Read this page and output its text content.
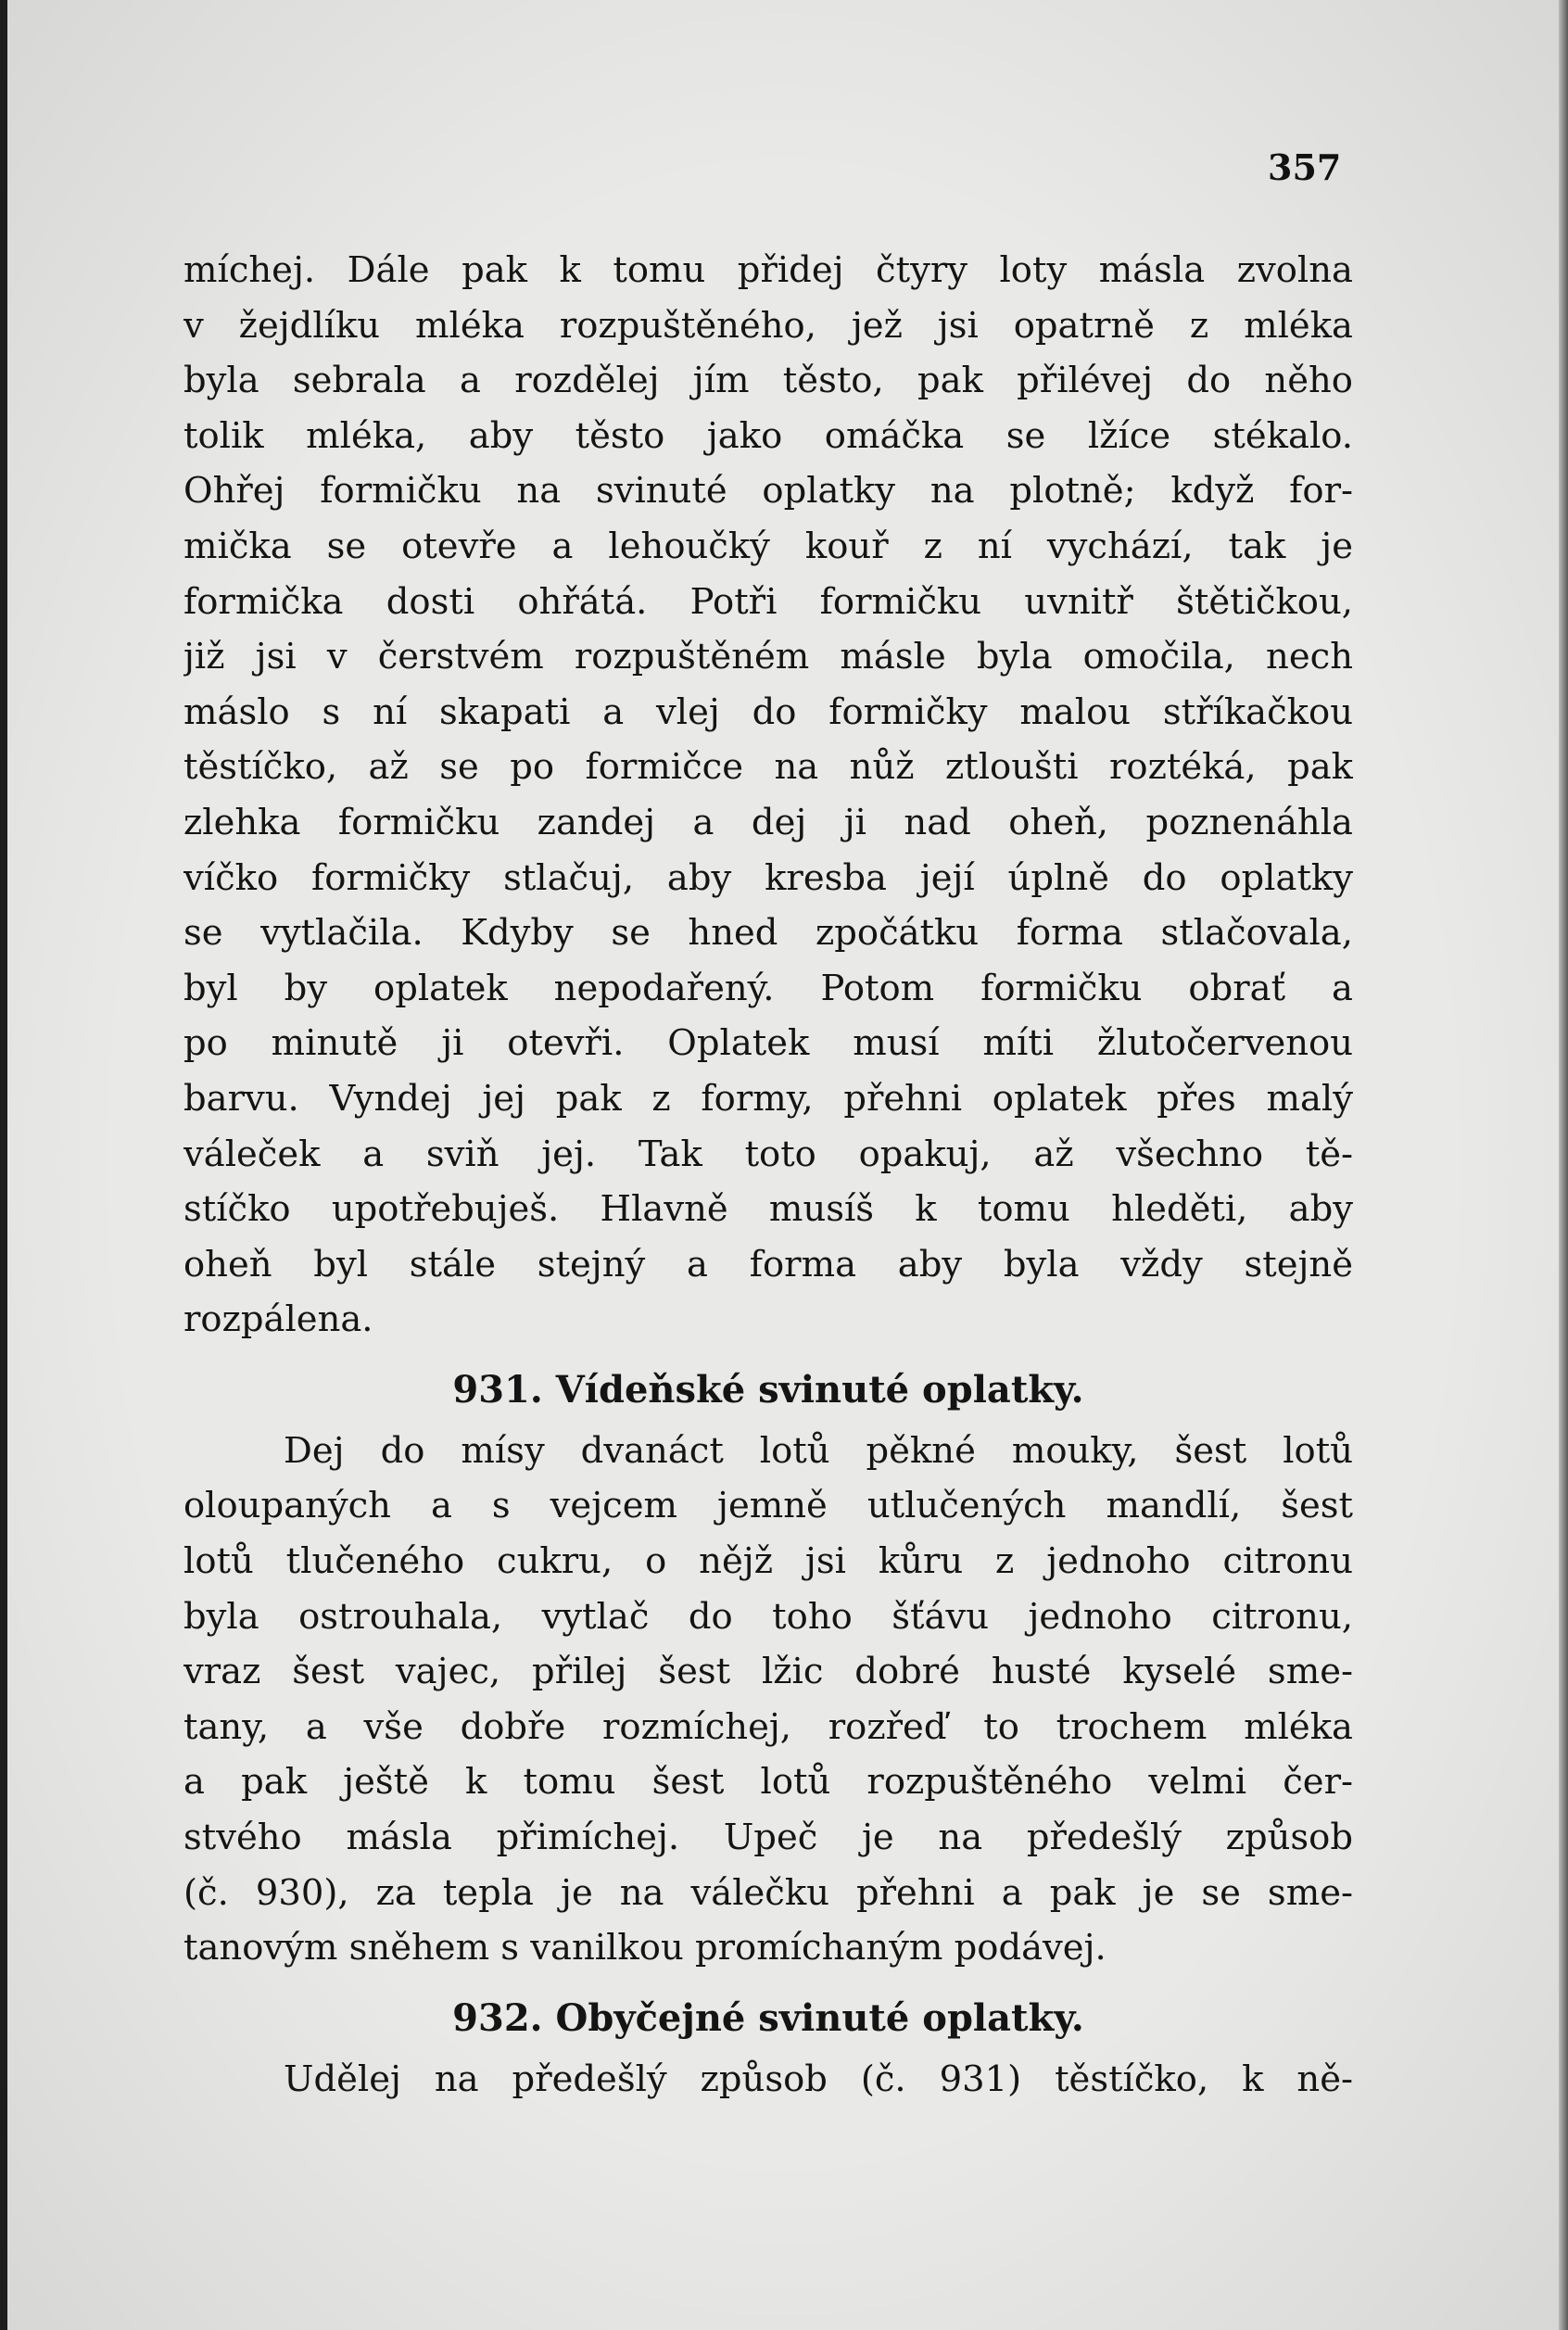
357
míchej. Dále pak k tomu přidej čtyry loty másla zvolna
v žejdlíku mléka rozpuštěného, jež jsi opatrně z mléka
byla sebrala a rozdělej jím těsto, pak přilévej do něho
tolik mléka, aby těsto jako omáčka se lžíce stékalo.
Ohřej formičku na svinuté oplatky na plotně; když for-
mička se otevře a lehoučký kouř z ní vychází, tak je
formička dosti ohřátá. Potři formičku uvnitř štětičkou,
již jsi v čerstvém rozpuštěném másle byla omočila, nech
máslo s ní skapati a vlej do formičky malou stříkačkou
těstíčko, až se po formičce na nůž ztloušti roztéká, pak
zlehka formičku zandej a dej ji nad oheň, poznenáhla
víčko formičky stlačuj, aby kresba její úplně do oplatky
se vytlačila. Kdyby se hned zpočátku forma stlačovala,
byl by oplatek nepodařený. Potom formičku obrať a
po minutě ji otevři. Oplatek musí míti žlutočervenou
barvu. Vyndej jej pak z formy, přehni oplatek přes malý
váleček a sviň jej. Tak toto opakuj, až všechno tě-
stíčko upotřebuješ. Hlavně musíš k tomu hleděti, aby
oheň byl stále stejný a forma aby byla vždy stejně
rozpálena.
931. Vídeňské svinuté oplatky.
Dej do mísy dvanáct lotů pěkné mouky, šest lotů
oloupaných a s vejcem jemně utlučených mandlí, šest
lotů tlučeného cukru, o nějž jsi kůru z jednoho citronu
byla ostrouhala, vytlač do toho šťávu jednoho citronu,
vraz šest vajec, přilej šest lžic dobré husté kyselé sme-
tany, a vše dobře rozmíchej, rozřeď to trochem mléka
a pak ještě k tomu šest lotů rozpuštěného velmi čer-
stvého másla přimíchej. Upeč je na předešlý způsob
(č. 930), za tepla je na válečku přehni a pak je se sme-
tanovým sněhem s vanilkou promíchaným podávej.
932. Obyčejné svinuté oplatky.
Udělej na předešlý způsob (č. 931) těstíčko, k ně-
